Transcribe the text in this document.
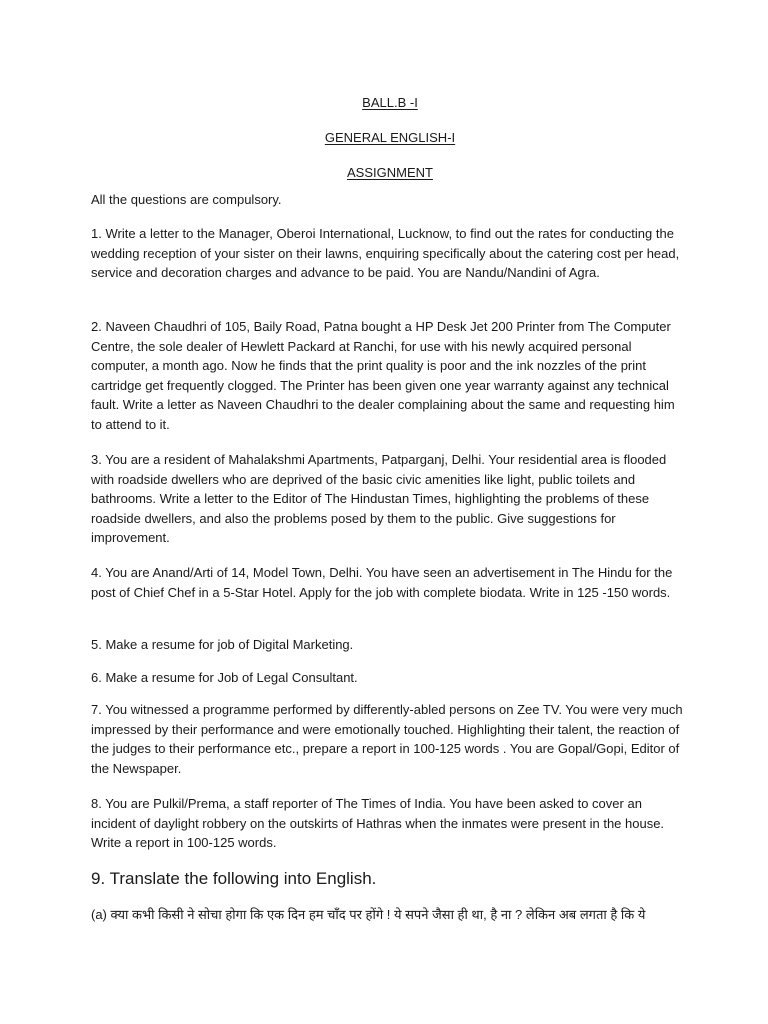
BALL.B -I
GENERAL ENGLISH-I
ASSIGNMENT

All the questions are compulsory.

1. Write a letter to the Manager, Oberoi International, Lucknow, to find out the rates for conducting the wedding reception of your sister on their lawns, enquiring specifically about the catering cost per head, service and decoration charges and advance to be paid. You are Nandu/Nandini of Agra.

2. Naveen Chaudhri of 105, Baily Road, Patna bought a HP Desk Jet 200 Printer from The Computer Centre, the sole dealer of Hewlett Packard at Ranchi, for use with his newly acquired personal computer, a month ago. Now he finds that the print quality is poor and the ink nozzles of the print cartridge get frequently clogged. The Printer has been given one year warranty against any technical fault. Write a letter as Naveen Chaudhri to the dealer complaining about the same and requesting him to attend to it.

3. You are a resident of Mahalakshmi Apartments, Patparganj, Delhi. Your residential area is flooded with roadside dwellers who are deprived of the basic civic amenities like light, public toilets and bathrooms. Write a letter to the Editor of The Hindustan Times, highlighting the problems of these roadside dwellers, and also the problems posed by them to the public. Give suggestions for improvement.

4. You are Anand/Arti of 14, Model Town, Delhi. You have seen an advertisement in The Hindu for the post of Chief Chef in a 5-Star Hotel. Apply for the job with complete biodata. Write in 125 -150 words.

5. Make a resume for job of Digital Marketing.

6. Make a resume for Job of Legal Consultant.

7. You witnessed a programme performed by differently-abled persons on Zee TV. You were very much impressed by their performance and were emotionally touched. Highlighting their talent, the reaction of the judges to their performance etc., prepare a report in 100-125 words . You are Gopal/Gopi, Editor of the Newspaper.

8. You are Pulkil/Prema, a staff reporter of The Times of India. You have been asked to cover an incident of daylight robbery on the outskirts of Hathras when the inmates were present in the house. Write a report in 100-125 words.

9. Translate the following into English.
(a) क्या कभी किसी ने सोचा होगा कि एक दिन हम चाँद पर होंगे ! ये सपने जैसा ही था, है ना ? लेकिन अब लगता है कि ये
